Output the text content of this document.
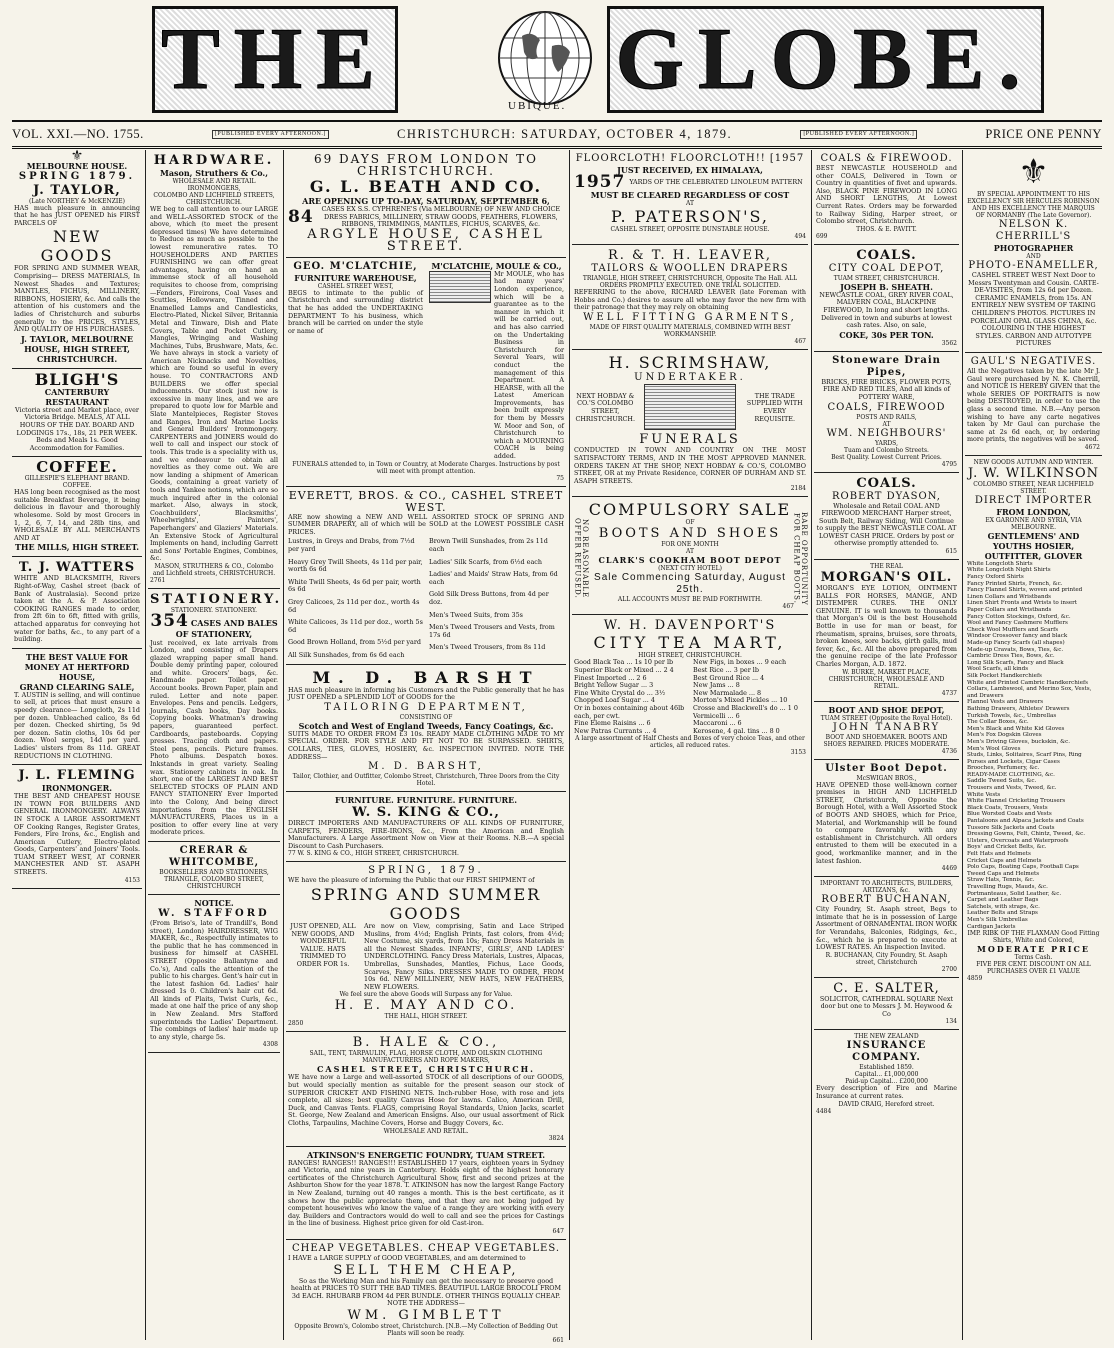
THE	UBIQUE. GLOBE.
VOL. XXI.—NO. 1755.	[PUBLISHED EVERY AFTERNOON.]	CHRISTCHURCH: SATURDAY, OCTOBER 4, 1879.	[PUBLISHED EVERY AFTERNOON.]	PRICE ONE PENNY
⚜
MELBOURNE HOUSE.
SPRING 1879.
J. TAYLOR,
(Late NORTHEY & McKENZIE)
HAS much pleasure in announcing that he has JUST OPENED his FIRST PARCELS OF
NEW GOODS
FOR SPRING AND SUMMER WEAR, Comprising— DRESS MATERIALS, In Newest Shades and Textures; MANTLES, FICHUS, MILLINERY, RIBBONS, HOSIERY, &c. And calls the attention of his customers and the ladies of Christchurch and suburbs generally to the PRICES, STYLES, AND QUALITY OF HIS PURCHASES.
J. TAYLOR, MELBOURNE HOUSE, HIGH STREET, CHRISTCHURCH.
BLIGH'S
CANTERBURY RESTAURANT
Victoria street and Market place, over Victoria Bridge. MEALS, AT ALL HOURS OF THE DAY. BOARD AND LODGINGS 17s., 18s, 21 PER WEEK. Beds and Meals 1s. Good Accommodation for Families.
COFFEE.
GILLESPIE'S ELEPHANT BRAND. COFFEE.
HAS long been recognised as the most suitable Breakfast Beverage, it being delicious in flavour and thoroughly wholesome. Sold by most Grocers in 1, 2, 6, 7, 14, and 28lb tins, and WHOLESALE BY ALL MERCHANTS AND AT
THE MILLS, HIGH STREET.
T. J. WATTERS
WHITE AND BLACKSMITH, Rivers Right-of-Way, Cashel street (back of Bank of Australasia). Second prize taken at the A. & P. Association COOKING RANGES made to order, from 2ft 6in to 6ft, fitted with grills, attached apparatus for conveying hot water for baths, &c., to any part of a building.
THE BEST VALUE FOR MONEY AT HERTFORD HOUSE,
GRAND CLEARING SALE,
T. AUSTIN is selling, and will continue to sell, at prices that must ensure a speedy clearance— Longcloth, 2s 11d per dozen. Unbleached calico, 8s 6d per dozen. Checked shirting, 5s 9d per dozen. Satin cloths, 10s 6d per dozen. Wool serges, 14d per yard. Ladies' ulsters from 8s 11d. GREAT REDUCTIONS IN CLOTHING.
J. L. FLEMING
IRONMONGER.
THE BEST AND CHEAPEST HOUSE IN TOWN FOR BUILDERS AND GENERAL IRONMONGERY. ALWAYS IN STOCK A LARGE ASSORTMENT OF Cooking Ranges, Register Grates, Fenders, Fire Irons, &c., English and American Cutlery, Electro-plated Goods, Carpenters' and Joiners' Tools. TUAM STREET WEST, AT CORNER MANCHESTER AND ST. ASAPH STREETS.
4153
HARDWARE.
Mason, Struthers & Co.,
WHOLESALE AND RETAIL IRONMONGERS,
COLOMBO AND LICHFIELD STREETS, CHRISTCHURCH.
WE beg to call attention to our LARGE and WELL-ASSORTED STOCK of the above, which (to meet the present depressed times) We have determined to Reduce as much as possible to the lowest remunerative rates. TO HOUSEHOLDERS AND PARTIES FURNISHING we can offer great advantages, having on hand an immense stock of all household requisites to choose from, comprising—Fenders, Fireirons, Coal Vases and Scuttles, Hollowware, Tinned and Enamelled Lamps and Candlesticks, Electro-Plated, Nickel Silver, Britannia Metal and Tinware, Dish and Plate Covers, Table and Pocket Cutlery, Mangles, Wringing and Washing Machines, Tubs, Brushware, Mats, &c. We have always in stock a variety of American Nicknacks and Novelties, which are found so useful in every house. TO CONTRACTORS AND BUILDERS we offer special inducements. Our stock just now is excessive in many lines, and we are prepared to quote low for Marble and Slate Mantelpieces, Register Stoves and Ranges, Iron and Marine Locks and General Builders' Ironmongery. CARPENTERS and JOINERS would do well to call and inspect our stock of tools. This trade is a speciality with us, and we endeavour to obtain all novelties as they come out. We are now landing a shipment of American Goods, containing a great variety of tools and Yankee notions, which are so much inquired after in the colonial market. Also, always in stock, Coachbuilders', Blacksmiths', Wheelwrights', Painters', Paperhangers' and Glaziers' Materials. An Extensive Stock of Agricultural Implements on hand, including Garrett and Sons' Portable Engines, Combines, &c.
MASON, STRUTHERS & CO., Colombo and Lichfield streets, CHRISTCHURCH.
2761
STATIONERY.
STATIONERY. STATIONERY.
354 CASES AND BALES OF STATIONERY,
Just received, ex late arrivals from London, and consisting of Drapers glazed wrapping paper small hand. Double demy printing paper, coloured and white. Grocers' bags, &c. Handmade paper. Toilet paper. Account books. Brown Paper, plain and ruled. Letter and note paper. Envelopes. Pens and pencils. Ledgers, Journals, Cash books, Day books. Copying books. Whatman's drawing papers, guaranteed perfect. Cardboards, pasteboards. Copying presses. Tracing cloth and papers. Steel pens, pencils. Picture frames. Photo albums. Despatch boxes. Inkstands in great variety. Sealing wax. Stationery cabinets in oak. In short, one of the LARGEST AND BEST SELECTED STOCKS OF PLAIN AND FANCY STATIONERY Ever Imported into the Colony, And being direct importations from the ENGLISH MANUFACTURERS, Places us in a position to offer every line at very moderate prices.
CRERAR & WHITCOMBE,
BOOKSELLERS AND STATIONERS, TRIANGLE, COLOMBO STREET, CHRISTCHURCH
NOTICE.
W. STAFFORD
(From Briso's, late of Trandill's, Bond street), London) HAIRDRESSER, WIG MAKER, &c., Respectfully intimates to the public that he has commenced in business for himself at CASHEL STREET (Opposite Ballantyne and Co.'s), And calls the attention of the public to his charges. Gent's hair cut in the latest fashion 6d. Ladies' hair dressed 1s 0. Children's hair cut 6d. All kinds of Plaits, Twist Curls, &c., made at one half the price of any shop in New Zealand. Mrs Stafford superintends the Ladies' Department. The combings of ladies' hair made up to any style, charge 5s.
4308
69 DAYS FROM LONDON TO CHRISTCHURCH.
G. L. BEATH AND CO.
ARE OPENING UP TO-DAY, SATURDAY, SEPTEMBER 6,
84	CASES EX S.S. CYPHRENE'S (Via MELBOURNE) OF NEW AND CHOICE DRESS FABRICS, MILLINERY, STRAW GOODS, FEATHERS, FLOWERS, RIBBONS, TRIMMINGS, MANTLES, FICHUS, SCARVES, &c.
ARGYLE HOUSE, CASHEL STREET.
GEO. M'CLATCHIE,
FURNITURE WAREHOUSE,
CASHEL STREET WEST,
BEGS to intimate to the public of Christchurch and surrounding district that he has added the UNDERTAKING DEPARTMENT To his business, which branch will be carried on under the style or name of
M'CLATCHIE, MOULE & CO.,
Mr MOULE, who has had many years' London experience, which will be a guarantee as to the manner in which it will be carried out, and has also carried on the Undertaking Business in Christchurch for Several Years, will conduct the management of this Department. A HEARSE, with all the Latest American Improvements, has been built expressly for them by Messrs W. Moor and Son, of Christchurch to which a MOURNING COACH is being added.
FUNERALS attended to, in Town or Country, at Moderate Charges. Instructions by post will meet with prompt attention.
75
EVERETT, BROS. & CO., CASHEL STREET WEST.
ARE now showing a NEW AND WELL ASSORTED STOCK OF SPRING AND SUMMER DRAPERY, all of which will be SOLD at the LOWEST POSSIBLE CASH PRICES.
Lustres, in Greys and Drabs, from 7½d per yard
Heavy Grey Twill Sheets, 4s 11d per pair, worth 6s 6d
White Twill Sheets, 4s 6d per pair, worth 6s 6d
Grey Calicoes, 2s 11d per doz., worth 4s 6d
White Calicoes, 3s 11d per doz., worth 5s 6d
Good Brown Holland, from 5½d per yard
All Silk Sunshades, from 6s 6d each
Brown Twill Sunshades, from 2s 11d each
Ladies' Silk Scarfs, from 6½d each
Ladies' and Maids' Straw Hats, from 6d each
Gold Silk Dress Buttons, from 4d per doz.
Men's Tweed Suits, from 35s
Men's Tweed Trousers and Vests, from 17s 6d
Men's Tweed Trousers, from 8s 11d
M. D. BARSHT
HAS much pleasure in informing his Customers and the Public generally that he has JUST OPENED a SPLENDID LOT of GOODS for the
TAILORING DEPARTMENT,
CONSISTING OF
Scotch and West of England Tweeds, Fancy Coatings, &c.
SUITS MADE TO ORDER FROM £3 10s. READY MADE CLOTHING MADE TO MY SPECIAL ORDER. FOR STYLE AND FIT NOT TO BE SURPASSED. SHIRTS, COLLARS, TIES, GLOVES, HOSIERY, &c. INSPECTION INVITED. NOTE THE ADDRESS—
M. D. BARSHT,
Tailor, Clothier, and Outfitter, Colombo Street, Christchurch, Three Doors from the City Hotel.
FURNITURE. FURNITURE. FURNITURE.
W. S. KING & CO.,
DIRECT IMPORTERS AND MANUFACTURERS OF ALL KINDS OF FURNITURE, CARPETS, FENDERS, FIRE-IRONS, &c., From the American and English Manufacturers. A Large Assortment Now on View at their Rooms. N.B.—A special Discount to Cash Purchasers.
77 W. S. KING & CO., HIGH STREET, CHRISTCHURCH.
SPRING, 1879.
WE have the pleasure of informing the Public that our FIRST SHIPMENT of
SPRING AND SUMMER GOODS
JUST OPENED, ALL NEW GOODS, AND WONDERFUL VALUE. HATS TRIMMED TO ORDER FOR 1s.
Are now on View, comprising, Satin and Lace Striped Muslins, from 4½d; English Prints, fast colors, from 4½d; New Costume, six yards, from 10s; Fancy Dress Materials in all the Newest Shades. INFANTS', GIRLS', AND LADIES' UNDERCLOTHING. Fancy Dress Materials, Lustres, Alpacas, Umbrellas, Sunshades, Mantles, Fichus, Lace Goods, Scarves, Fancy Silks. DRESSES MADE TO ORDER, FROM 10s 6d. NEW MILLINERY, NEW HATS, NEW FEATHERS, NEW FLOWERS.
We feel sure the above Goods will Surpass any for Value.
H. E. MAY AND CO.
THE HALL, HIGH STREET.
2850
B. HALE & CO.,
SAIL, TENT, TARPAULIN, FLAG, HORSE CLOTH, AND OILSKIN CLOTHING MANUFACTURERS AND ROPE MAKERS,
CASHEL STREET, CHRISTCHURCH.
WE have now a Large and well-assorted STOCK of all descriptions of our GOODS, but would specially mention as suitable for the present season our stock of SUPERIOR CRICKET AND FISHING NETS. Inch-rubber Hose, with rose and jets complete, all sizes; best quality Canvas Hose for lawns. Calico, American Drill, Duck, and Canvas Tents. FLAGS, comprising Royal Standards, Union Jacks, scarlet St. George, New Zealand and American Ensigns. Also, our usual assortment of Rick Cloths, Tarpaulins, Machine Covers, Horse and Buggy Covers, &c.
WHOLESALE AND RETAIL.
3824
ATKINSON'S ENERGETIC FOUNDRY, TUAM STREET.
RANGES! RANGES!! RANGES!!! ESTABLISHED 17 years, eighteen years in Sydney and Victoria, and nine years in Canterbury. Holds eight of the highest honorary certificates of the Christchurch Agricultural Show, first and second prizes at the Ashburton Show for the year 1878. T. ATKINSON has now the largest Range Factory in New Zealand, turning out 40 ranges a month. This is the best certificate, as it shows how the public appreciate them, and that they are not being judged by competent housewives who know the value of a range they are working with every day. Builders and Contractors would do well to call and see the prices for Castings in the line of business. Highest price given for old Cast-iron.
647
CHEAP VEGETABLES. CHEAP VEGETABLES.
I HAVE a LARGE SUPPLY of GOOD VEGETABLES, and am determined to
SELL THEM CHEAP,
So as the Working Man and his Family can get the necessary to preserve good health at PRICES TO SUIT THE BAD TIMES. BEAUTIFUL LARGE BROCOLI FROM 3d EACH. RHUBARB FROM 4d PER BUNDLE. OTHER THINGS EQUALLY CHEAP. NOTE THE ADDRESS—
WM. GIMBLETT
Opposite Brown's, Colombo street, Christchurch. [N.B.—My Collection of Bedding Out Plants will soon be ready.
661
FLOORCLOTH! FLOORCLOTH!! [1957
JUST RECEIVED, EX HIMALAYA,
1957 YARDS OF THE CELEBRATED LINOLEUM PATTERN
MUST BE CLEARED REGARDLESS OF COST
AT
P. PATERSON'S,
CASHEL STREET, OPPOSITE DUNSTABLE HOUSE.
494
R. & T. H. LEAVER,
TAILORS & WOOLLEN DRAPERS
TRIANGLE, HIGH STREET, CHRISTCHURCH, Opposite The Hall. ALL ORDERS PROMPTLY EXECUTED. ONE TRIAL SOLICITED.
REFERRING to the above, RICHARD LEAVER (late Foreman with Hobbs and Co.) desires to assure all who may favor the new firm with their patronage that they may rely on obtaining
WELL FITTING GARMENTS,
MADE OF FIRST QUALITY MATERIALS, COMBINED WITH BEST WORKMANSHIP.
467
H. SCRIMSHAW,
UNDERTAKER.
NEXT HOBDAY & CO.'S COLOMBO STREET, CHRISTCHURCH.
THE TRADE SUPPLIED WITH EVERY REQUISITE.
FUNERALS
CONDUCTED IN TOWN AND COUNTRY ON THE MOST SATISFACTORY TERMS, AND IN THE MOST APPROVED MANNER. ORDERS TAKEN AT THE SHOP, NEXT HOBDAY & CO.'S, COLOMBO STREET, OR at my Private Residence, CORNER OF DURHAM AND ST. ASAPH STREETS.
2184
NO REASONABLE OFFER REFUSED.	RARE OPPORTUNITY FOR CHEAP BOOTS.
COMPULSORY SALE
OF
BOOTS AND SHOES
FOR ONE MONTH
AT
CLARK'S COOKHAM BOOT DEPOT
(NEXT CITY HOTEL)
Sale Commencing Saturday, August 25th.
ALL ACCOUNTS MUST BE PAID FORTHWITH.
467
W. H. DAVENPORT'S
CITY TEA MART,
HIGH STREET, CHRISTCHURCH.
Good Black Tea ... 1s 10 per lb
Superior Black or Mixed ... 2 4
Finest Imported ... 2 6
Bright Yellow Sugar ... 3
Fine White Crystal do ... 3½
Chopped Loaf Sugar ... 4
Or in boxes containing about 46lb each, per cwt.
Fine Eleme Raisins ... 6
New Patras Currants ... 4
New Figs, in boxes ... 9 each
Best Rice ... 3 per lb
Best Ground Rice ... 4
New Jams ... 8
New Marmalade ... 8
Morton's Mixed Pickles ... 10
Crosse and Blackwell's do ... 1 0
Vermicelli ... 6
Maccaroni ... 6
Kerosene, 4 gal. tins ... 8 0
A large assortment of Half Chests and Boxes of very choice Teas, and other articles, all reduced rates.
3153
COALS & FIREWOOD.
BEST NEWCASTLE HOUSEHOLD and other COALS, Delivered in Town or Country in quantities of fivet and upwards. Also, BLACK PINE FIREWOOD IN LONG AND SHORT LENGTHS, At Lowest Current Rates. Orders may be forwarded to Railway Siding, Harper street, or Colombo street, Christchurch.
THOS. & E. PAVITT.
699
COALS.
CITY COAL DEPOT,
TUAM STREET, CHRISTCHURCH.
JOSEPH B. SHEATH.
NEWCASTLE COAL, GREY RIVER COAL, MALVERN COAL, BLACKPINE FIREWOOD, In long and short lengths. Delivered in town and suburbs at lowest cash rates. Also, on sale,
COKE, 30s PER TON.
3562
Stoneware Drain Pipes,
BRICKS, FIRE BRICKS, FLOWER POTS, FIRE AND RED TILES, And all kinds of POTTERY WARE,
COALS, FIREWOOD
POSTS AND RAILS,
AT
WM. NEIGHBOURS'
YARDS,
Tuam and Colombo Streets.
Best Quality. Lowest Current Prices.
4795
COALS.
ROBERT DYASON,
Wholesale and Retail COAL AND FIREWOOD MERCHANT Harper street, South Belt, Railway Siding, Will Continue to supply the BEST NEWCASTLE COAL AT LOWEST CASH PRICE. Orders by post or otherwise promptly attended to.
615
THE REAL
MORGAN'S OIL.
MORGAN'S EYE LOTION, OINTMENT BALLS FOR HORSES, MANGE, AND DISTEMPER CURES. THE ONLY GENUINE. IT is well known to thousands that Morgan's Oil is the best Household Bottle in use for man or beast, for rheumatism, sprains, bruises, sore throats, broken knees, sore backs, girth galls, mud fever, &c., &c. All the above prepared from the genuine recipe of the late Professor Charles Morgan, A.D. 1872.
W. BURKE, MARKET PLACE, CHRISTCHURCH, WHOLESALE AND RETAIL.
4737
BOOT AND SHOE DEPOT,
TUAM STREET (Opposite the Royal Hotel).
JOHN TANABRY
BOOT AND SHOEMAKER. BOOTS AND SHOES REPAIRED. PRICES MODERATE.
4736
Ulster Boot Depot.
McSWIGAN BROS.,
HAVE OPENED those well-known corner premises in HIGH AND LICHFIELD STREET, Christchurch, Opposite the Borough Hotel, with a Well Assorted Stock of BOOTS AND SHOES, which for Price, Material, and Workmanship will be found to compare favorably with any establishment in Christchurch. All orders entrusted to them will be executed in a good, workmanlike manner, and in the latest fashion.
4469
IMPORTANT TO ARCHITECTS, BUILDERS, ARTIZANS, &c.
ROBERT BUCHANAN,
City Foundry, St. Asaph street, Begs to intimate that he is in possession of Large Assortment of ORNAMENTAL IRON WORK for Verandahs, Balconies, Ridgings, &c., &c., which he is prepared to execute at LOWEST RATES. An Inspection Invited.
R. BUCHANAN, City Foundry, St. Asaph street, Christchurch
2700
C. E. SALTER,
SOLICITOR, CATHEDRAL SQUARE Next door but one to Messrs J. M. Heywood & Co
134
THE NEW ZEALAND
INSURANCE COMPANY.
Established 1859.
Capital... £1,000,000
Paid-up Capital... £200,000
Every description of Fire and Marine Insurance at current rates.
DAVID CRAIG, Hereford street.
4484
⚜
BY SPECIAL APPOINTMENT TO HIS EXCELLENCY SIR HERCULES ROBINSON AND HIS EXCELLENCY THE MARQUIS OF NORMANBY (The Late Governor).
NELSON K. CHERRILL'S
PHOTOGRAPHER
AND
PHOTO-ENAMELLER,
CASHEL STREET WEST Next Door to Messrs Twentyman and Cousin. CARTE-DE-VISITES, from 12s 6d per Dozen. CERAMIC ENAMELS, from 15s. AN ENTIRELY NEW SYSTEM OF TAKING CHILDREN'S PHOTOS. PICTURES IN PORCELAIN OPAL GLASS CHINA, &c. COLOURING IN THE HIGHEST STYLES. CARBON AND AUTOTYPE PICTURES
GAUL'S NEGATIVES.
All the Negatives taken by the late Mr J. Gaul were purchased by N. K. Cherrill, and NOTICE IS HEREBY GIVEN that the whole SERIES OF PORTRAITS is now being DESTROYED, in order to use the glass a second time. N.B.—Any person wishing to have any carte negatives taken by Mr Gaul can purchase the same at 2s 6d each, or, by ordering more prints, the negatives will be saved.
4672
NEW GOODS AUTUMN AND WINTER.
J. W. WILKINSON
COLOMBO STREET, NEAR LICHFIELD STREET.
DIRECT IMPORTER
FROM LONDON,
EX GARONNE AND SYRIA, VIA MELBOURNE.
GENTLEMENS' AND YOUTHS HOSIER, OUTFITTER, GLOVER
White Longcloth Shirts
White Longcloth Night Shirts
Fancy Oxford Shirts
Fancy Printed Shirts, French, &c.
Fancy Flannel Shirts, woven and printed
Linen Collars and Wristbands
Linen Shirt Fronts and Wrists to insert
Paper Collars and Wristbands
Fancy Cotton Stockings, Oxford, &c.
Wool and Fancy Cashmere Mufflers
Check Wool Mufflers and Scarfs
Windsor Crossover fancy and black
Made-up Fancy Scarfs (all shapes)
Made-up Cravats, Bows, Ties, &c.
Cambric Dress Ties, Bows, &c.
Long Silk Scarfs, Fancy and Black
Wool Scarfs, all kinds
Silk Pocket Handkerchiefs
White and Printed Cambric Handkerchiefs
Collars, Lambswool, and Merino Sox, Vests, and Drawers
Flannel Vests and Drawers
Bathing Drawers, Athletes' Drawers
Turkish Towels, &c., Umbrellas
The Collar Boxes, &c.
Men's Black and White Kid Gloves
Men's Fox Dogskin Gloves
Men's Driving Gloves, buckskin, &c.
Men's Wool Gloves
Studs, Links, Solitaires, Scarf Pins, Ring
Purses and Lockets, Cigar Cases
Brooches, Perfumery, &c.
READY-MADE CLOTHING, &c.
Saddle Tweed Suits, &c.
Trousers and Vests, Tweed, &c.
White Vests
White Flannel Cricketing Trousers
Black Coats, Trousers, Vests
Blue Worsted Coats and Vests
Pantaloons and Alpaca Jackets and Coats
Tussore Silk Jackets and Coats
Dressing Gowns, Felt, Chintz, Tweed, &c.
Ulsters, Overcoats and Waterproofs
Boys' and Cricket Belts, &c.
Felt Hats and Helmets
Cricket Caps and Helmets
Polo Caps, Boating Caps, Football Caps
Tweed Caps and Helmets
Straw Hats, Tennis, &c.
Travelling Rugs, Mauds, &c.
Portmanteaus, Solid Leather, &c.
Carpet and Leather Bags
Satchels, with straps, &c.
Leather Belts and Straps
Men's Silk Umbrellas
Cardigan Jackets
IMP. RIBK OF THE FLAXMAN Good Fitting Shirts, White and Colored,
MODERATE PRICE
Terms Cash.
FIVE PER CENT. DISCOUNT ON ALL PURCHASES OVER £1 VALUE
4859
